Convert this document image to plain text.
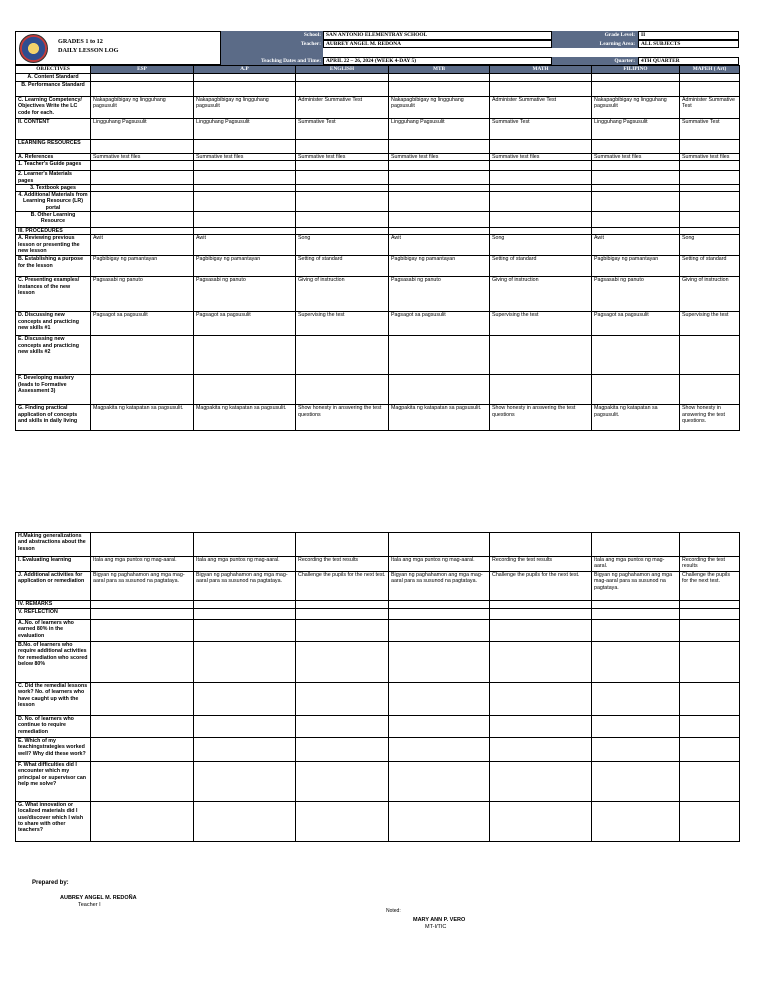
GRADES 1 to 12
DAILY LESSON LOG
School: SAN ANTONIO ELEMENTRAY SCHOOL	Grade Level:	II
Teacher: AUBREY ANGEL M. REDONA	Learning Area:	ALL SUBJECTS
Teaching Dates and Time: APRIL 22 – 26, 2024 (WEEK 4-DAY 5)	Quarter:	4TH QUARTER
OBJECTIVES	ESP	A.P	ENGLISH	MTB	MATH	FILIPINO	MAPEH ( Art)
A. Content Standard							
B. Performance Standard							
C. Learning Competency/ Objectives Write the LC code for each.	Nakapagbibigay ng lingguhang pagsusulit	Nakapagbibigay ng lingguhang pagsusulit	Administer Summative Test	Nakapagbibigay ng lingguhang pagsusulit	Administer Summative Test	Nakapagbibigay ng lingguhang pagsusulit	Administer Summative Test
II. CONTENT	Lingguhang Pagsusulit	Lingguhang Pagsusulit	Summative Test	Lingguhang Pagsusulit	Summative Test	Lingguhang Pagsusulit	Summative Test
LEARNING RESOURCES							
A. References	Summative test files	Summative test files	Summative test files	Summative test files	Summative test files	Summative test files	Summative test files
1. Teacher's Guide pages							
2. Learner's Materials pages							
3. Textbook pages							
4. Additional Materials from Learning Resource (LR) portal							
B. Other Learning Resource							
III. PROCEDURES							
A. Reviewing previous lesson or presenting the new lesson	Awit	Awit	Song	Awit	Song	Awit	Song
B. Establishing a purpose for the lesson	Pagbibigay ng pamantayan	Pagbibigay ng pamantayan	Setting of standard	Pagbibigay ng pamantayan	Setting of standard	Pagbibigay ng pamantayan	Setting of standard
C. Presenting examples/ instances of the new lesson	Pagsasabi ng panuto	Pagsasabi ng panuto	Giving of instruction	Pagsasabi ng panuto	Giving of instruction	Pagsasabi ng panuto	Giving of instruction
D. Discussing new concepts and practicing new skills #1	Pagsagot sa pagsusulit	Pagsagot sa pagsusulit	Supervising the test	Pagsagot sa pagsusulit	Supervising the test	Pagsagot sa pagsusulit	Supervising the test
E. Discussing new concepts and practicing new skills #2							
F. Developing mastery (leads to Formative Assessment 3)							
G. Finding practical application of concepts and skills in daily living	Magpakita ng katapatan sa pagsusulit.	Magpakita ng katapatan sa pagsusulit.	Show honesty in answering the test questions	Magpakita ng katapatan sa pagsusulit.	Show honesty in answering the test questions	Magpakita ng katapatan sa pagsusulit.	Show honesty in answering the test questions.
H.Making generalizations and abstractions about the lesson							
I. Evaluating learning	Itala ang mga puntos ng mag-aaral.	Itala ang mga puntos ng mag-aaral.	Recording the test results	Itala ang mga puntos ng mag-aaral.	Recording the test results	Itala ang mga puntos ng mag-aaral.	Recording the test results
J. Additional activities for application or remediation	Bigyan ng paghahamon ang mga mag-aaral para sa susunod na pagtataya.	Bigyan ng paghahamon ang mga mag-aaral para sa susunod na pagtataya.	Challenge the pupils for the next test.	Bigyan ng paghahamon ang mga mag-aaral para sa susunod na pagtataya.	Challenge the pupils for the next test.	Bigyan ng paghahamon ang mga mag-aaral para sa susunod na pagtataya.	Challenge the pupils for the next test.
IV. REMARKS							
V. REFLECTION							
A..No. of learners who earned 80% in the evaluation							
B.No. of learners who require additional activities for remediation who scored below 80%							
C. Did the remedial lessons work? No. of learners who have caught up with the lesson							
D. No. of learners who continue to require remediation							
E. Which of my teachingstrategies worked well? Why did these work?							
F. What difficulties did I encounter which my principal or supervisor can help me solve?							
G. What innovation or localized materials did I use/discover which I wish to share with other teachers?							
Prepared by:
AUBREY ANGEL M. REDOÑA
Teacher I
Noted:
MARY ANN P. VERO
MT-I/TIC
